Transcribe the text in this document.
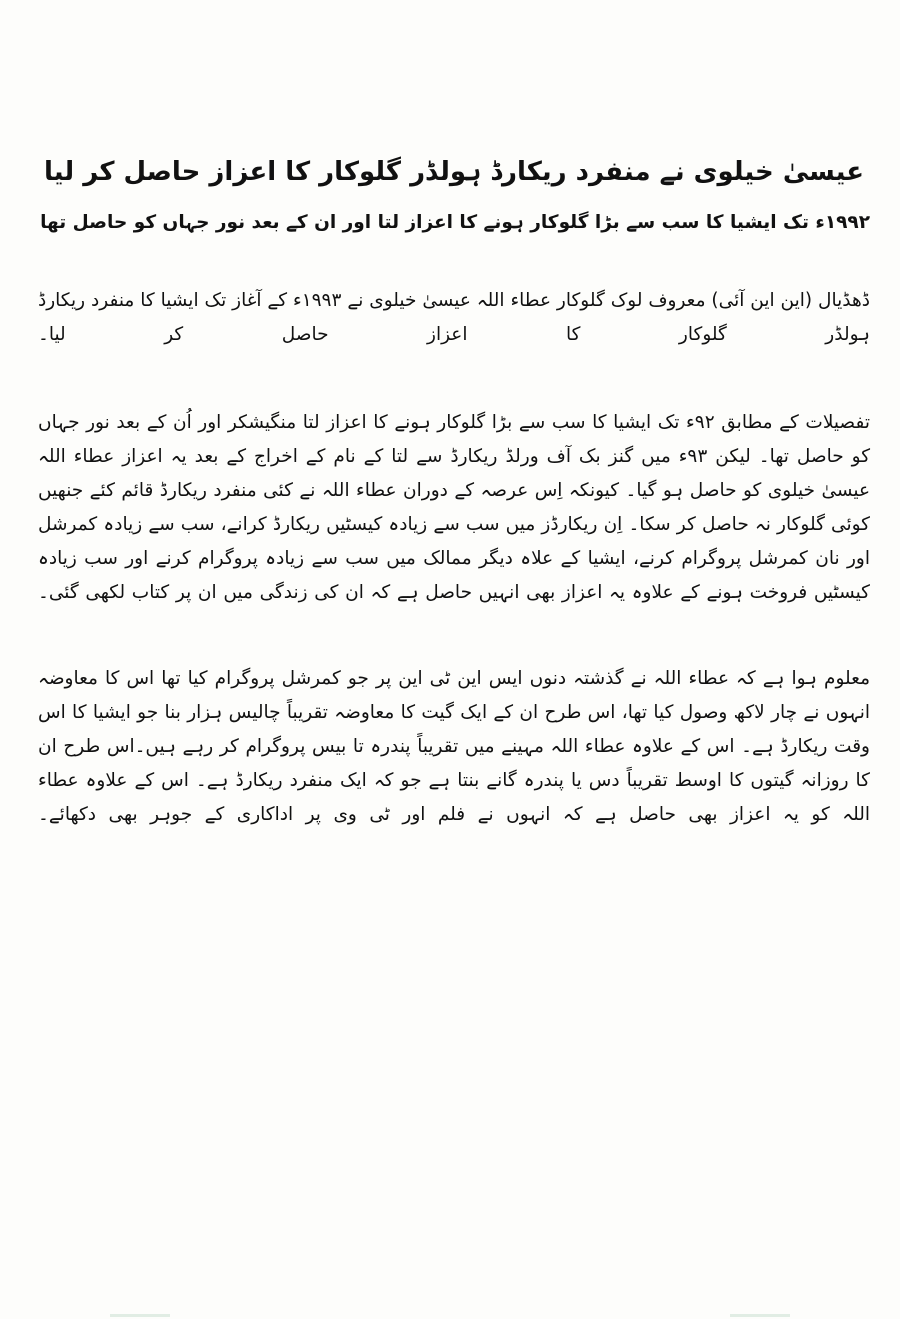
عیسیٰ خیلوی نے منفرد ریکارڈ ہولڈر گلوکار کا اعزاز حاصل کر لیا
۱۹۹۲ء تک ایشیا کا سب سے بڑا گلوکار ہونے کا اعزاز لتا اور ان کے بعد نور جہاں کو حاصل تھا

ڈھڈیال (این این آئی) معروف لوک گلوکار عطاء اللہ عیسیٰ خیلوی نے ۱۹۹۳ء کے آغاز تک ایشیا کا منفرد ریکارڈ ہولڈر گلوکار کا اعزاز حاصل کر لیا۔

تفصیلات کے مطابق ۹۲ء تک ایشیا کا سب سے بڑا گلوکار ہونے کا اعزاز لتا منگیشکر اور اُن کے بعد نور جہاں کو حاصل تھا۔ لیکن ۹۳ء میں گنز بک آف ورلڈ ریکارڈ سے لتا کے نام کے اخراج کے بعد یہ اعزاز عطاء اللہ عیسیٰ خیلوی کو حاصل ہو گیا۔ کیونکہ اِس عرصہ کے دوران عطاء اللہ نے کئی منفرد ریکارڈ قائم کئے جنھیں کوئی گلوکار نہ حاصل کر سکا۔ اِن ریکارڈز میں سب سے زیادہ کیسٹیں ریکارڈ کرانے، سب سے زیادہ کمرشل اور نان کمرشل پروگرام کرنے، ایشیا کے علاہ دیگر ممالک میں سب سے زیادہ پروگرام کرنے اور سب زیادہ کیسٹیں فروخت ہونے کے علاوہ یہ اعزاز بھی انہیں حاصل ہے کہ ان کی زندگی میں ان پر کتاب لکھی گئی۔

معلوم ہوا ہے کہ عطاء اللہ نے گذشتہ دنوں ایس این ٹی این پر جو کمرشل پروگرام کیا تھا اس کا معاوضہ انہوں نے چار لاکھ وصول کیا تھا، اس طرح ان کے ایک گیت کا معاوضہ تقریباً چالیس ہزار بنا جو ایشیا کا اس وقت ریکارڈ ہے۔ اس کے علاوہ عطاء اللہ مہینے میں تقریباً پندرہ تا بیس پروگرام کر رہے ہیں۔اس طرح ان کا روزانہ گیتوں کا اوسط تقریباً دس یا پندرہ گانے بنتا ہے جو کہ ایک منفرد ریکارڈ ہے۔ اس کے علاوہ عطاء اللہ کو یہ اعزاز بھی حاصل ہے کہ انہوں نے فلم اور ٹی وی پر اداکاری کے جوہر بھی دکھائے۔
